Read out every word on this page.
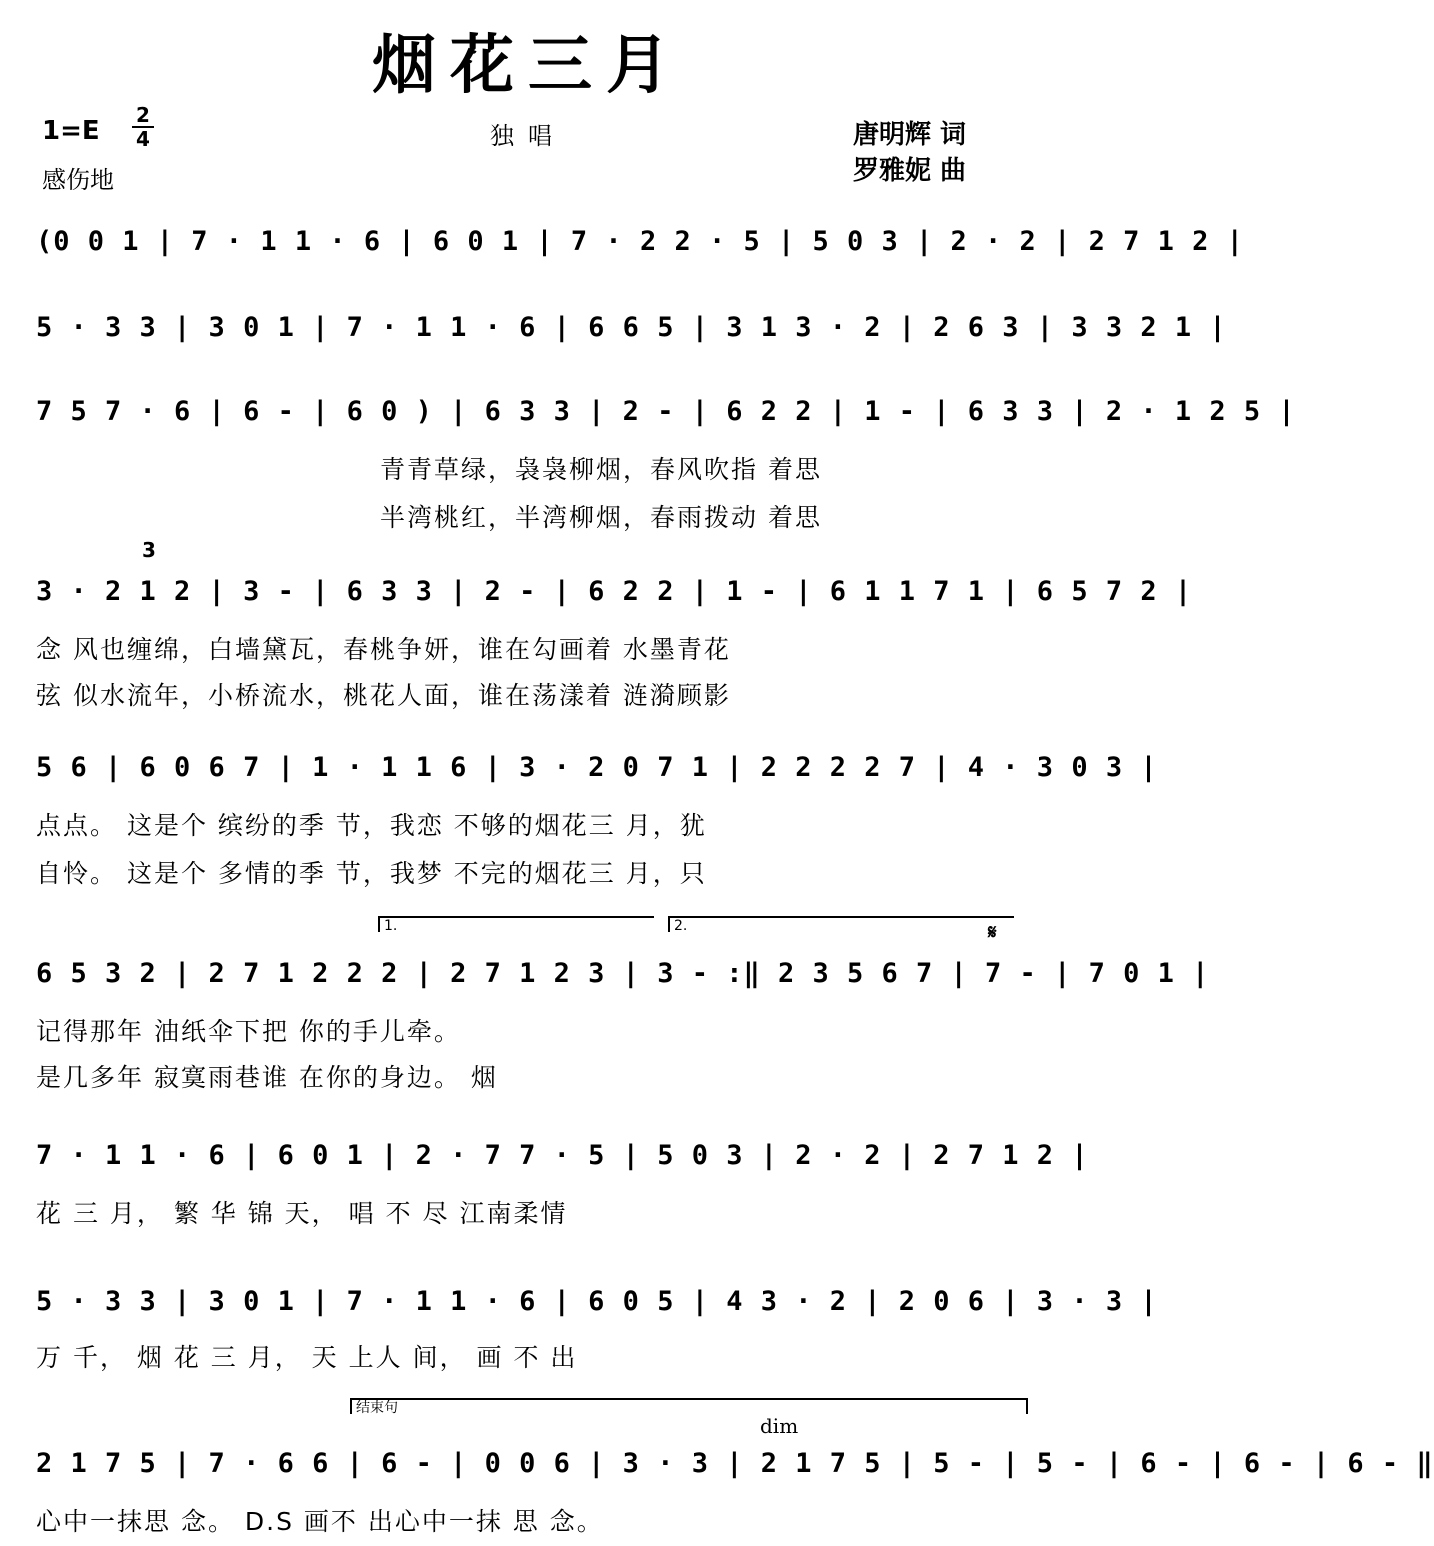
烟花三月
1=E
2
4
感伤地
独唱	唐明辉 词
罗雅妮 曲
(0 0 1 | 7 · 1 1 · 6 | 6 0 1 | 7 · 2 2 · 5 | 5 0 3 | 2 · 2 | 2 7 1 2 |
5 · 3 3 | 3 0 1 | 7 · 1 1 · 6 | 6 6 5 | 3 1 3 · 2 | 2 6 3 | 3 3 2 1 |
7 5 7 · 6 | 6 - | 6 0 ) | 6 3 3 | 2 - | 6 2 2 | 1 - | 6 3 3 | 2 · 1 2 5 |
青青草绿，袅袅柳烟，春风吹指 着思
半湾桃红，半湾柳烟，春雨拨动 着思
3
3 · 2 1 2 | 3 - | 6 3 3 | 2 - | 6 2 2 | 1 - | 6 1 1 7 1 | 6 5 7 2 |
念 风也缠绵，白墙黛瓦，春桃争妍，谁在勾画着 水墨青花
弦 似水流年，小桥流水，桃花人面，谁在荡漾着 涟漪顾影
5 6 | 6 0 6 7 | 1 · 1 1 6 | 3 · 2 0 7 1 | 2 2 2 2 7 | 4 · 3 0 3 |
点点。 这是个 缤纷的季 节，我恋 不够的烟花三 月，犹
自怜。 这是个 多情的季 节，我梦 不完的烟花三 月，只
1.	2.	𝄋
6 5 3 2 | 2 7 1 2 2 2 | 2 7 1 2 3 | 3 - :‖ 2 3 5 6 7 | 7 - | 7 0 1 |
记得那年 油纸伞下把 你的手儿牵。
是几多年 寂寞雨巷谁 在你的身边。 烟
7 · 1 1 · 6 | 6 0 1 | 2 · 7 7 · 5 | 5 0 3 | 2 · 2 | 2 7 1 2 |
花 三 月， 繁 华 锦 天， 唱 不 尽 江南柔情
5 · 3 3 | 3 0 1 | 7 · 1 1 · 6 | 6 0 5 | 4 3 · 2 | 2 0 6 | 3 · 3 |
万 千， 烟 花 三 月， 天 上人 间， 画 不 出
结束句
dim
2 1 7 5 | 7 · 6 6 | 6 - | 0 0 6 | 3 · 3 | 2 1 7 5 | 5 - | 5 - | 6 - | 6 - | 6 - ‖
心中一抹思 念。 D.S 画不 出心中一抹 思 念。
